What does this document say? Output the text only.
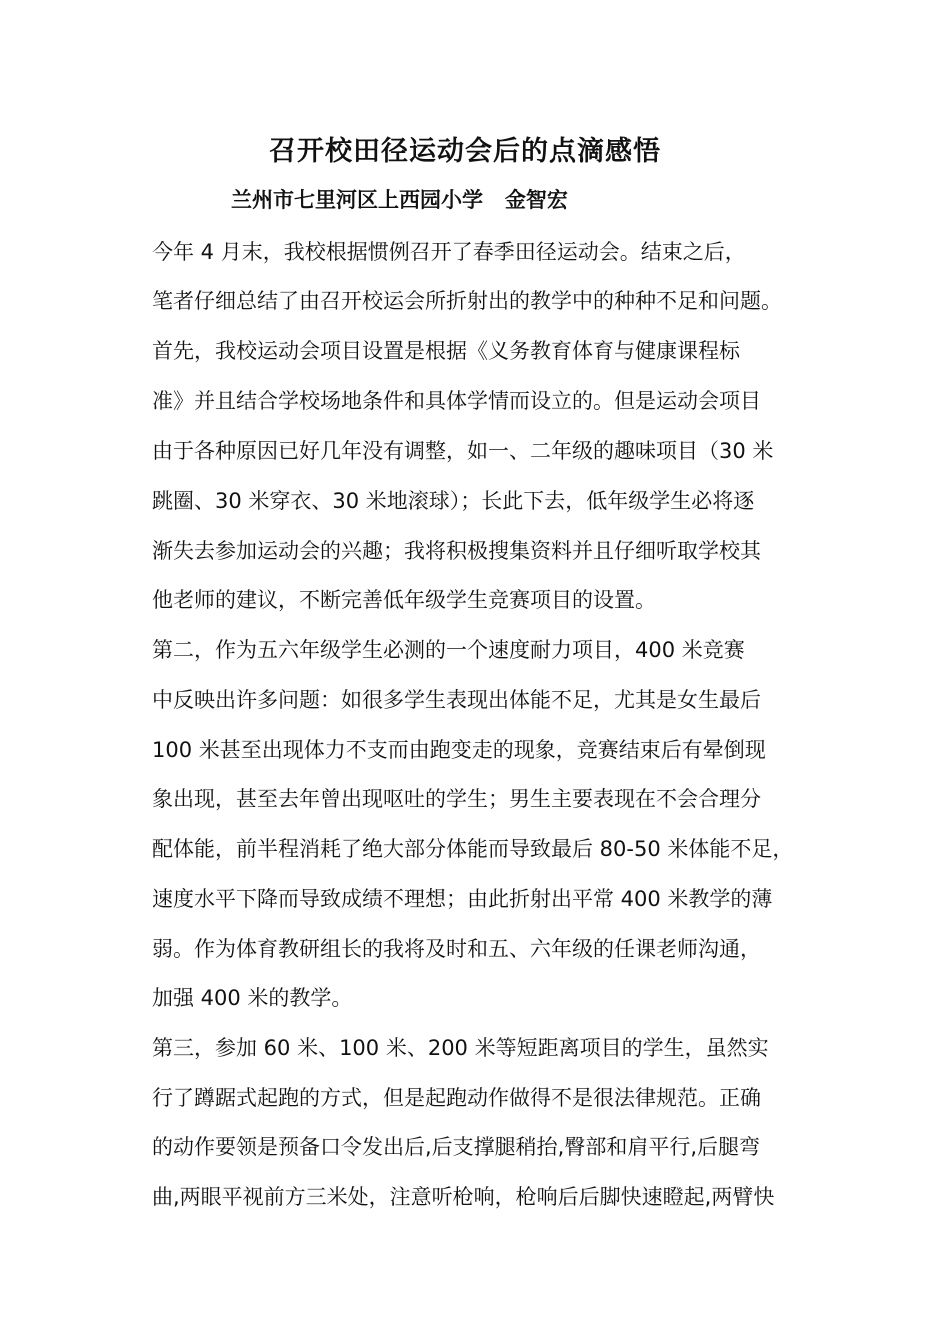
召开校田径运动会后的点滴感悟
兰州市七里河区上西园小学   金智宏
今年 4 月末，我校根据惯例召开了春季田径运动会。结束之后，
笔者仔细总结了由召开校运会所折射出的教学中的种种不足和问题。
首先，我校运动会项目设置是根据《义务教育体育与健康课程标
准》并且结合学校场地条件和具体学情而设立的。但是运动会项目
由于各种原因已好几年没有调整，如一、二年级的趣味项目（30 米
跳圈、30 米穿衣、30 米地滚球）；长此下去，低年级学生必将逐
渐失去参加运动会的兴趣；我将积极搜集资料并且仔细听取学校其
他老师的建议，不断完善低年级学生竞赛项目的设置。
第二，作为五六年级学生必测的一个速度耐力项目，400 米竞赛
中反映出许多问题：如很多学生表现出体能不足，尤其是女生最后
100 米甚至出现体力不支而由跑变走的现象，竞赛结束后有晕倒现
象出现，甚至去年曾出现呕吐的学生；男生主要表现在不会合理分
配体能，前半程消耗了绝大部分体能而导致最后 80-50 米体能不足，
速度水平下降而导致成绩不理想；由此折射出平常 400 米教学的薄
弱。作为体育教研组长的我将及时和五、六年级的任课老师沟通，
加强 400 米的教学。
第三，参加 60 米、100 米、200 米等短距离项目的学生，虽然实
行了蹲踞式起跑的方式，但是起跑动作做得不是很法律规范。正确
的动作要领是预备口令发出后,后支撑腿稍抬,臀部和肩平行,后腿弯
曲,两眼平视前方三米处，注意听枪响，枪响后后脚快速瞪起,两臂快
